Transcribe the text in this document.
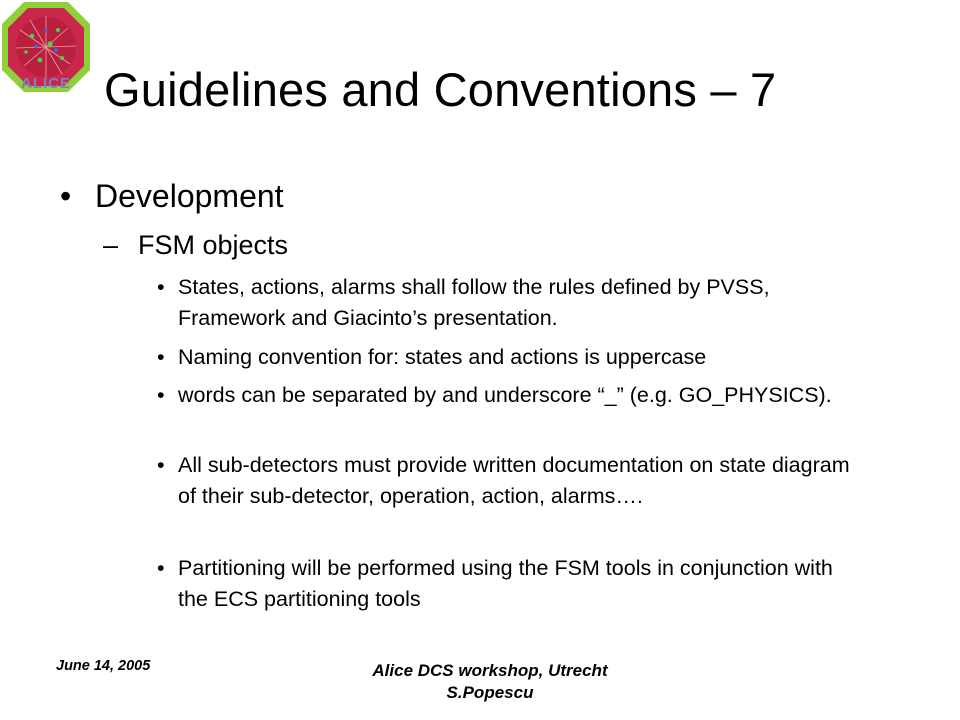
ALICE Guidelines and Conventions – 7
• Development
– FSM objects
• States, actions, alarms shall follow the rules defined by PVSS, Framework and Giacinto’s presentation.
• Naming convention for: states and actions is uppercase
• words can be separated by and underscore “_” (e.g. GO_PHYSICS).
• All sub-detectors must provide written documentation on state diagram of their sub-detector, operation, action, alarms….
• Partitioning will be performed using the FSM tools in conjunction with the ECS partitioning tools
June 14, 2005	Alice DCS workshop, Utrecht
S.Popescu
